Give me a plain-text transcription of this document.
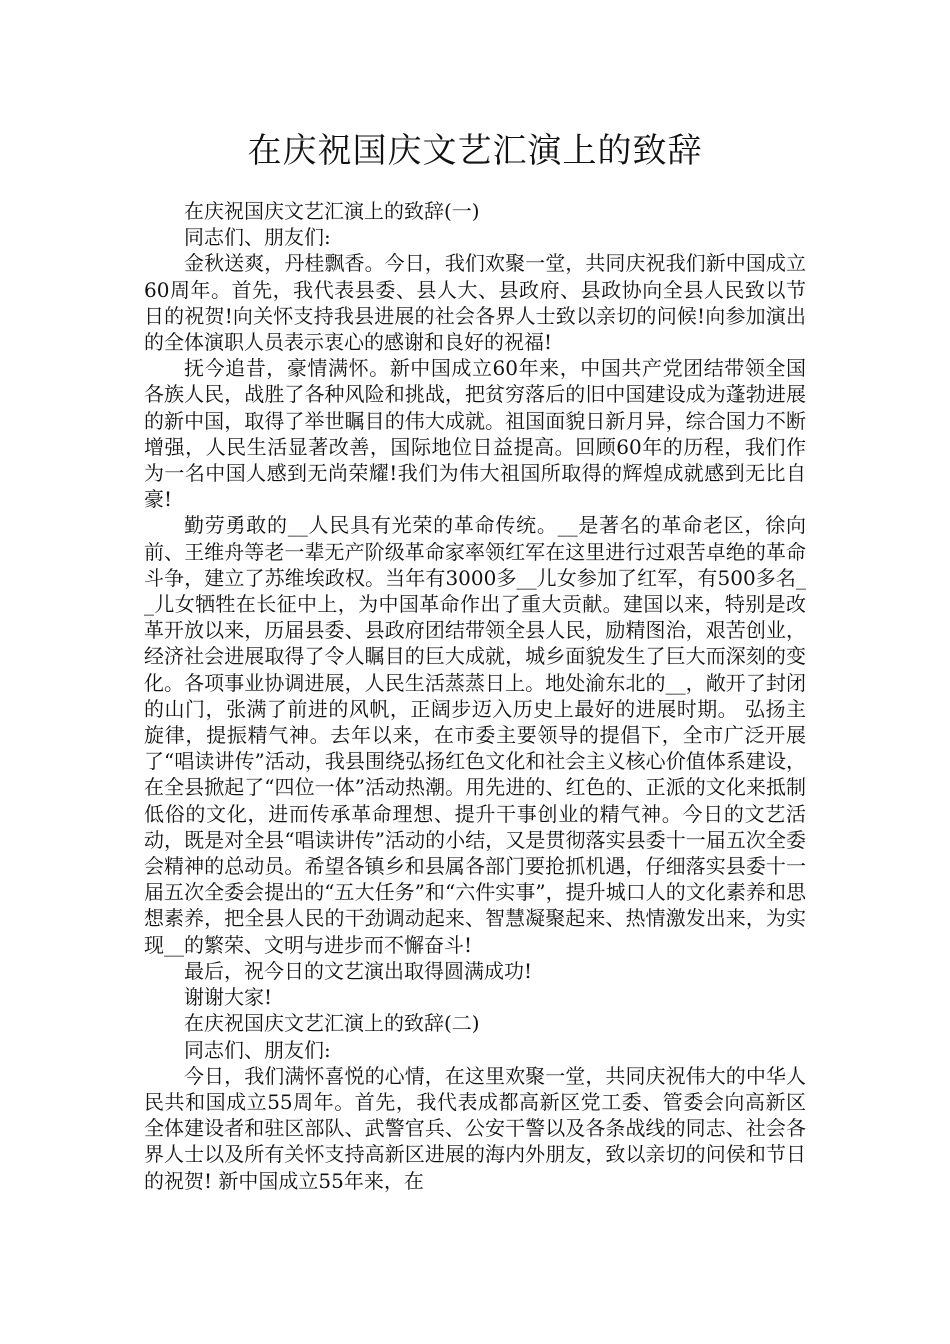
在庆祝国庆文艺汇演上的致辞

在庆祝国庆文艺汇演上的致辞(一)

同志们、朋友们:

金秋送爽，丹桂飘香。今日，我们欢聚一堂，共同庆祝我们新中国成立60周年。首先，我代表县委、县人大、县政府、县政协向全县人民致以节日的祝贺!向关怀支持我县进展的社会各界人士致以亲切的问候!向参加演出的全体演职人员表示衷心的感谢和良好的祝福!

抚今追昔，豪情满怀。新中国成立60年来，中国共产党团结带领全国各族人民，战胜了各种风险和挑战，把贫穷落后的旧中国建设成为蓬勃进展的新中国，取得了举世瞩目的伟大成就。祖国面貌日新月异，综合国力不断增强，人民生活显著改善，国际地位日益提高。回顾60年的历程，我们作为一名中国人感到无尚荣耀!我们为伟大祖国所取得的辉煌成就感到无比自豪!

勤劳勇敢的__人民具有光荣的革命传统。__是著名的革命老区，徐向前、王维舟等老一辈无产阶级革命家率领红军在这里进行过艰苦卓绝的革命斗争，建立了苏维埃政权。当年有3000多__儿女参加了红军，有500多名__儿女牺牲在长征中上，为中国革命作出了重大贡献。建国以来，特别是改革开放以来，历届县委、县政府团结带领全县人民，励精图治，艰苦创业，经济社会进展取得了令人瞩目的巨大成就，城乡面貌发生了巨大而深刻的变化。各项事业协调进展，人民生活蒸蒸日上。地处渝东北的__，敞开了封闭的山门，张满了前进的风帆，正阔步迈入历史上最好的进展时期。 弘扬主旋律，提振精气神。去年以来，在市委主要领导的提倡下，全市广泛开展了“唱读讲传”活动，我县围绕弘扬红色文化和社会主义核心价值体系建设，在全县掀起了“四位一体”活动热潮。用先进的、红色的、正派的文化来抵制低俗的文化，进而传承革命理想、提升干事创业的精气神。今日的文艺活动，既是对全县“唱读讲传”活动的小结，又是贯彻落实县委十一届五次全委会精神的总动员。希望各镇乡和县属各部门要抢抓机遇，仔细落实县委十一届五次全委会提出的“五大任务”和“六件实事”，提升城口人的文化素养和思想素养，把全县人民的干劲调动起来、智慧凝聚起来、热情激发出来，为实现__的繁荣、文明与进步而不懈奋斗!

最后，祝今日的文艺演出取得圆满成功!

谢谢大家!

在庆祝国庆文艺汇演上的致辞(二)

同志们、朋友们:

今日，我们满怀喜悦的心情，在这里欢聚一堂，共同庆祝伟大的中华人民共和国成立55周年。首先，我代表成都高新区党工委、管委会向高新区全体建设者和驻区部队、武警官兵、公安干警以及各条战线的同志、社会各界人士以及所有关怀支持高新区进展的海内外朋友，致以亲切的问侯和节日的祝贺! 新中国成立55年来，在
